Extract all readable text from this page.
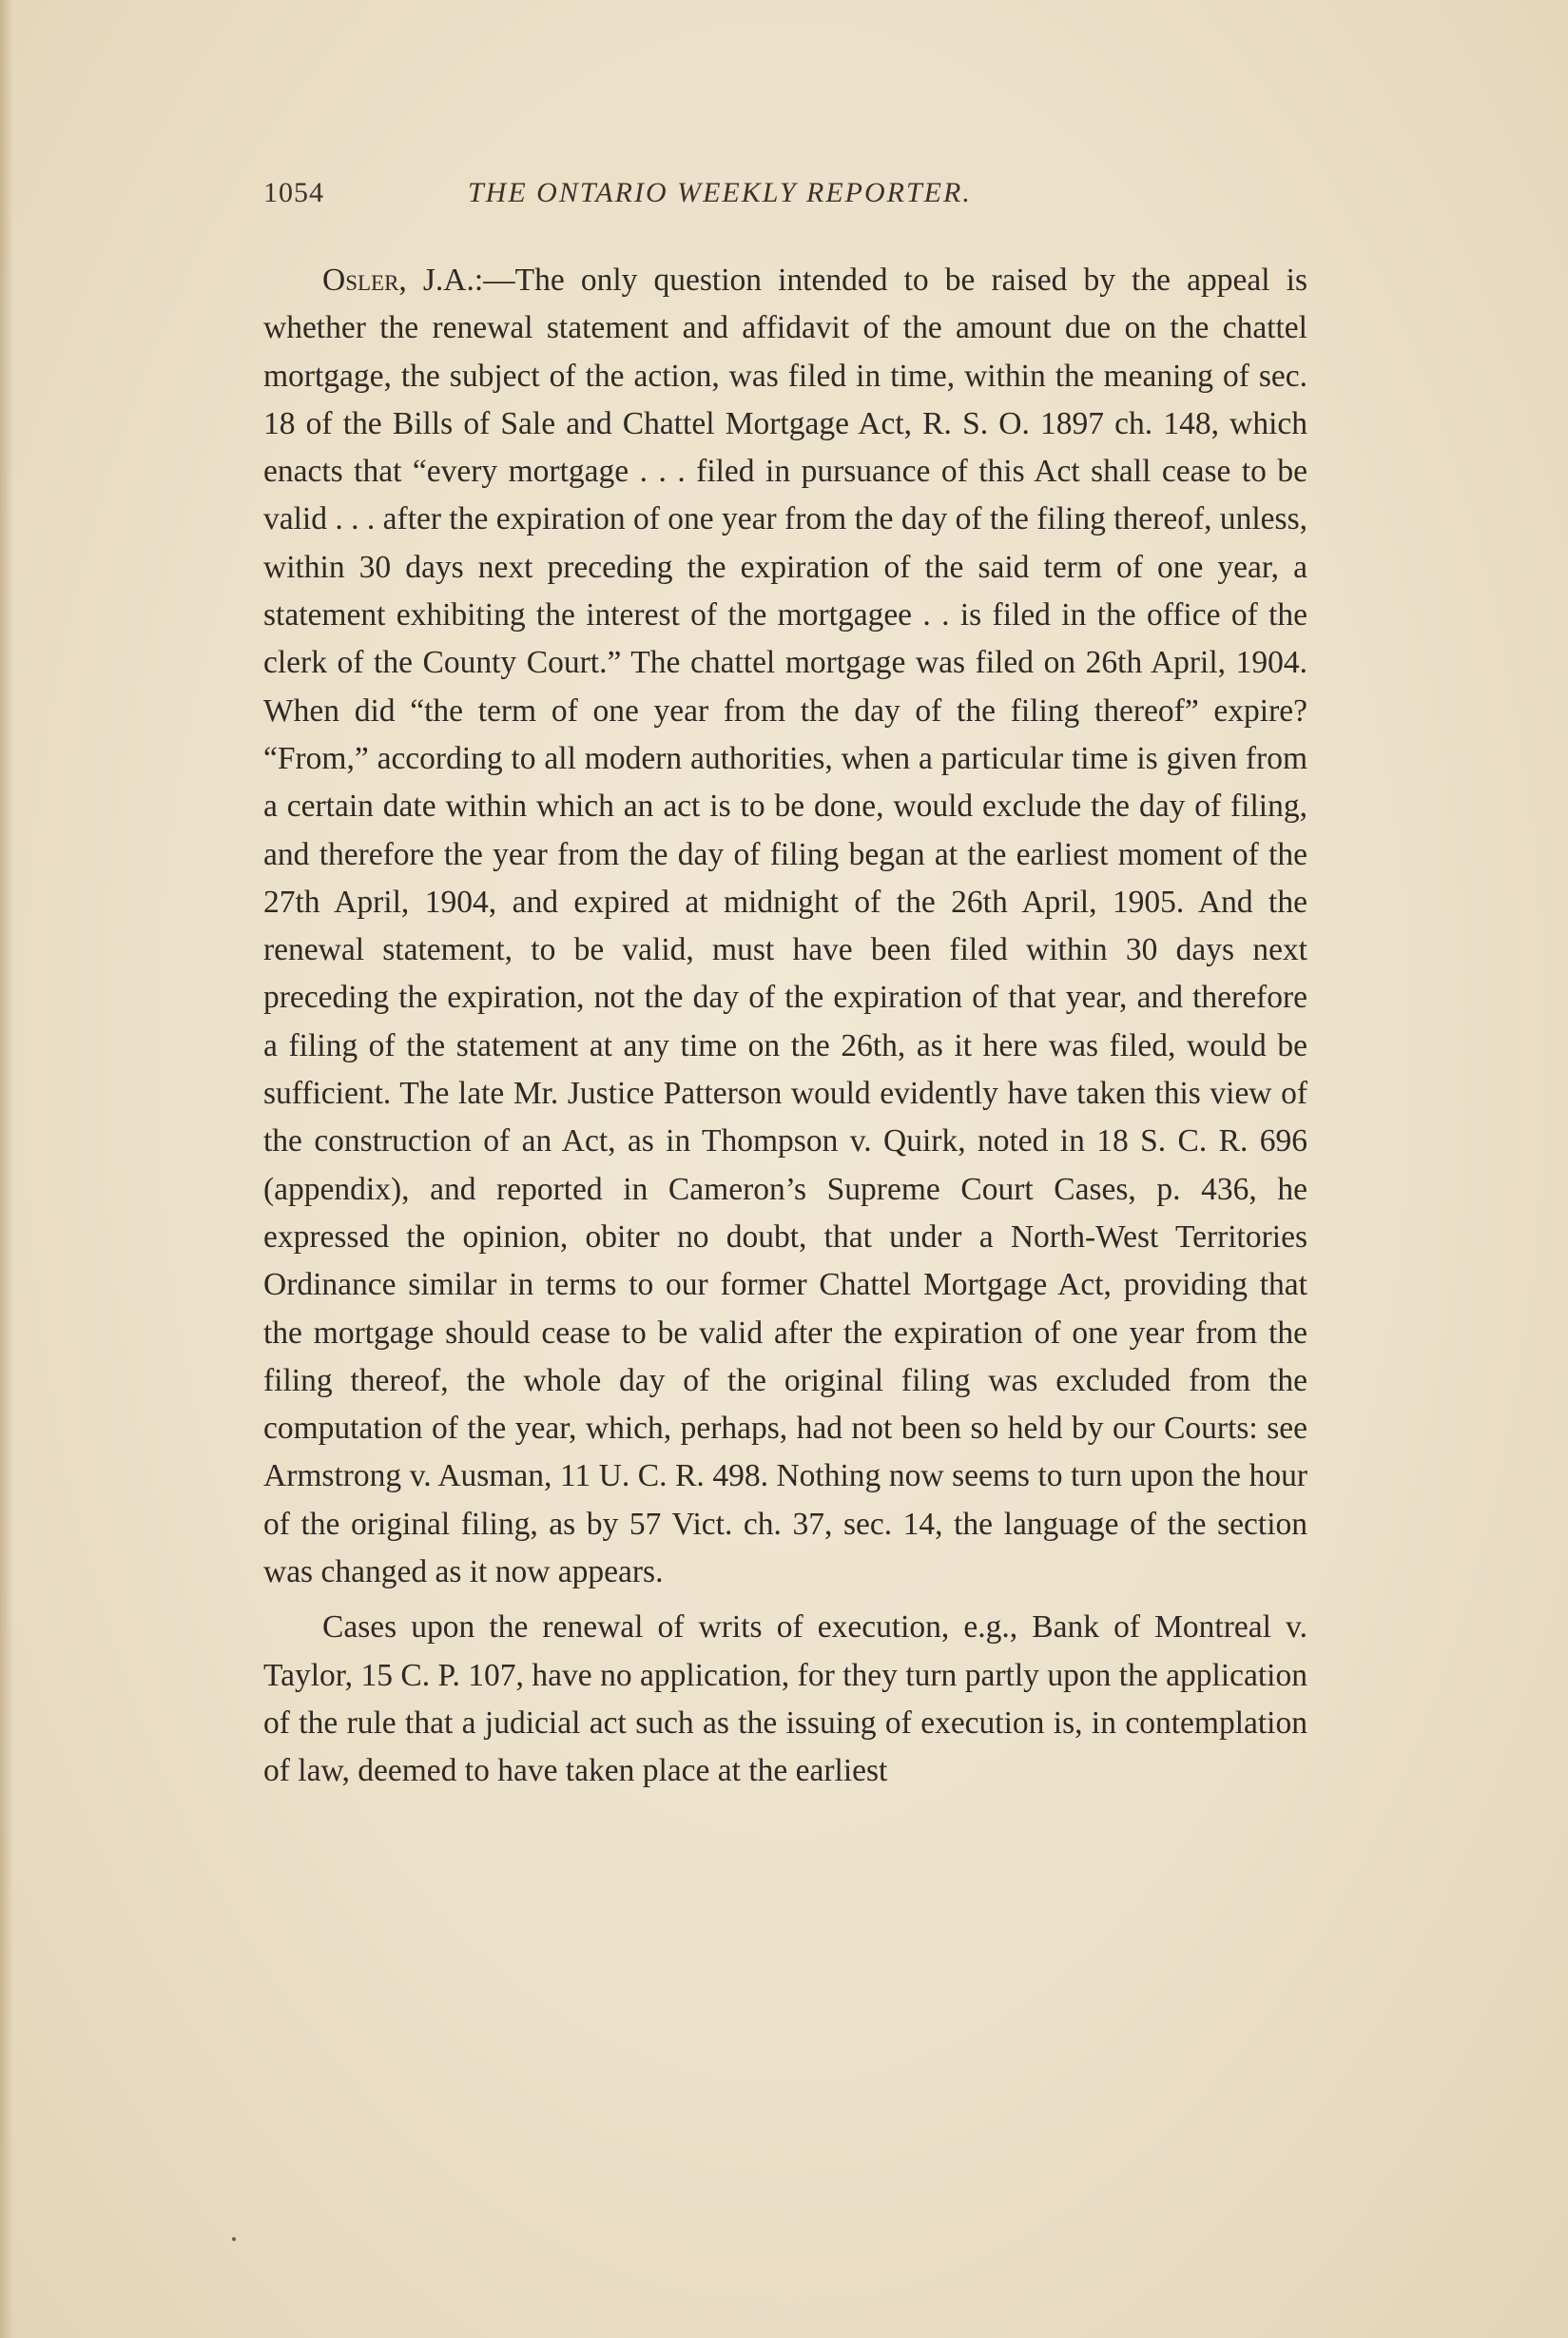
1054	THE ONTARIO WEEKLY REPORTER.

Osler, J.A.:—The only question intended to be raised by the appeal is whether the renewal statement and affidavit of the amount due on the chattel mortgage, the subject of the action, was filed in time, within the meaning of sec. 18 of the Bills of Sale and Chattel Mortgage Act, R. S. O. 1897 ch. 148, which enacts that “every mortgage . . . filed in pursuance of this Act shall cease to be valid . . . after the expiration of one year from the day of the filing thereof, unless, within 30 days next preceding the expiration of the said term of one year, a statement exhibiting the interest of the mortgagee . . is filed in the office of the clerk of the County Court.” The chattel mortgage was filed on 26th April, 1904. When did “the term of one year from the day of the filing thereof” expire? “From,” according to all modern authorities, when a particular time is given from a certain date within which an act is to be done, would exclude the day of filing, and therefore the year from the day of filing began at the earliest moment of the 27th April, 1904, and expired at midnight of the 26th April, 1905. And the renewal statement, to be valid, must have been filed within 30 days next preceding the expiration, not the day of the expiration of that year, and therefore a filing of the statement at any time on the 26th, as it here was filed, would be sufficient. The late Mr. Justice Patterson would evidently have taken this view of the construction of an Act, as in Thompson v. Quirk, noted in 18 S. C. R. 696 (appendix), and reported in Cameron’s Supreme Court Cases, p. 436, he expressed the opinion, obiter no doubt, that under a North-West Territories Ordinance similar in terms to our former Chattel Mortgage Act, providing that the mortgage should cease to be valid after the expiration of one year from the filing thereof, the whole day of the original filing was excluded from the computation of the year, which, perhaps, had not been so held by our Courts: see Armstrong v. Ausman, 11 U. C. R. 498. Nothing now seems to turn upon the hour of the original filing, as by 57 Vict. ch. 37, sec. 14, the language of the section was changed as it now appears.

Cases upon the renewal of writs of execution, e.g., Bank of Montreal v. Taylor, 15 C. P. 107, have no application, for they turn partly upon the application of the rule that a judicial act such as the issuing of execution is, in contemplation of law, deemed to have taken place at the earliest
